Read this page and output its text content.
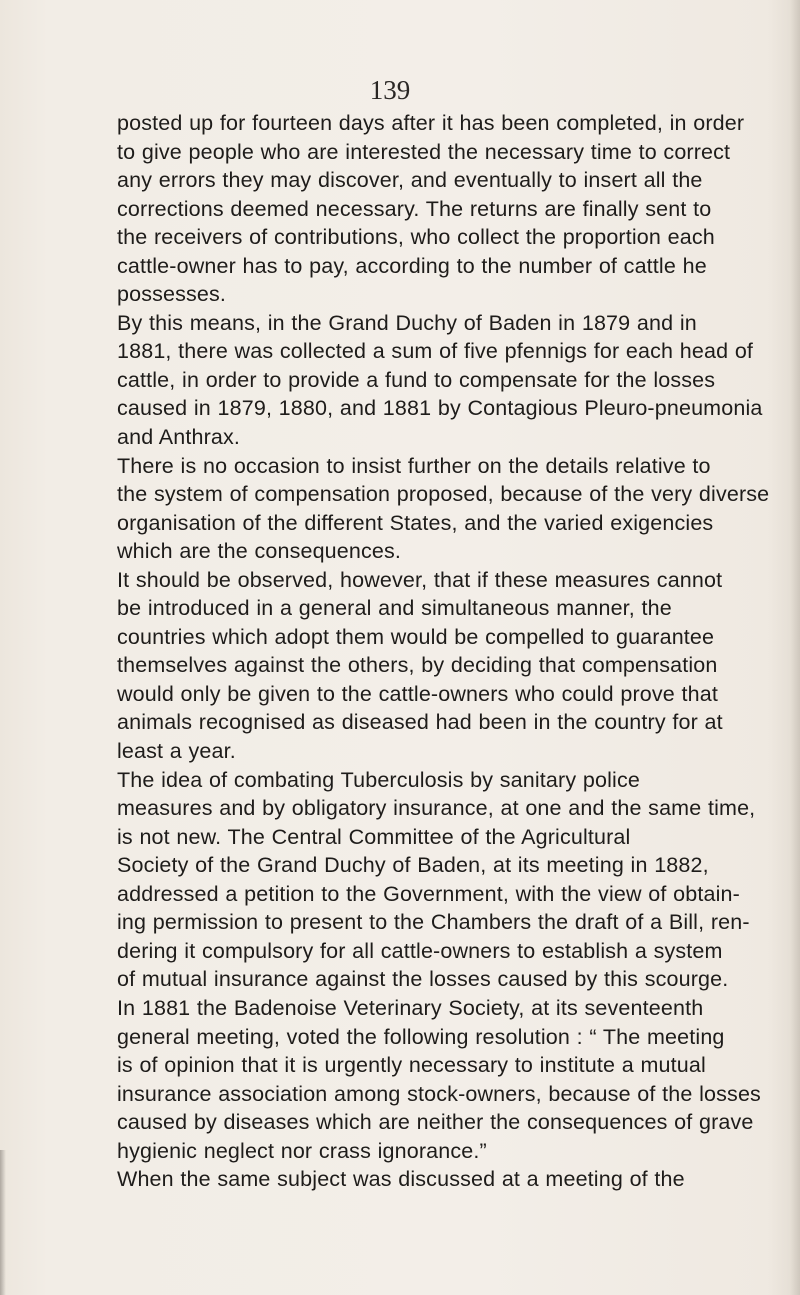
139

posted up for fourteen days after it has been completed, in order
to give people who are interested the necessary time to correct
any errors they may discover, and eventually to insert all the
corrections deemed necessary. The returns are finally sent to
the receivers of contributions, who collect the proportion each
cattle-owner has to pay, according to the number of cattle he
possesses.
By this means, in the Grand Duchy of Baden in 1879 and in
1881, there was collected a sum of five pfennigs for each head of
cattle, in order to provide a fund to compensate for the losses
caused in 1879, 1880, and 1881 by Contagious Pleuro-pneumonia
and Anthrax.
There is no occasion to insist further on the details relative to
the system of compensation proposed, because of the very diverse
organisation of the different States, and the varied exigencies
which are the consequences.
It should be observed, however, that if these measures cannot
be introduced in a general and simultaneous manner, the
countries which adopt them would be compelled to guarantee
themselves against the others, by deciding that compensation
would only be given to the cattle-owners who could prove that
animals recognised as diseased had been in the country for at
least a year.
The idea of combating Tuberculosis by sanitary police
measures and by obligatory insurance, at one and the same time,
is not new. The Central Committee of the Agricultural
Society of the Grand Duchy of Baden, at its meeting in 1882,
addressed a petition to the Government, with the view of obtain-
ing permission to present to the Chambers the draft of a Bill, ren-
dering it compulsory for all cattle-owners to establish a system
of mutual insurance against the losses caused by this scourge.
In 1881 the Badenoise Veterinary Society, at its seventeenth
general meeting, voted the following resolution : “ The meeting
is of opinion that it is urgently necessary to institute a mutual
insurance association among stock-owners, because of the losses
caused by diseases which are neither the consequences of grave
hygienic neglect nor crass ignorance.”
When the same subject was discussed at a meeting of the
